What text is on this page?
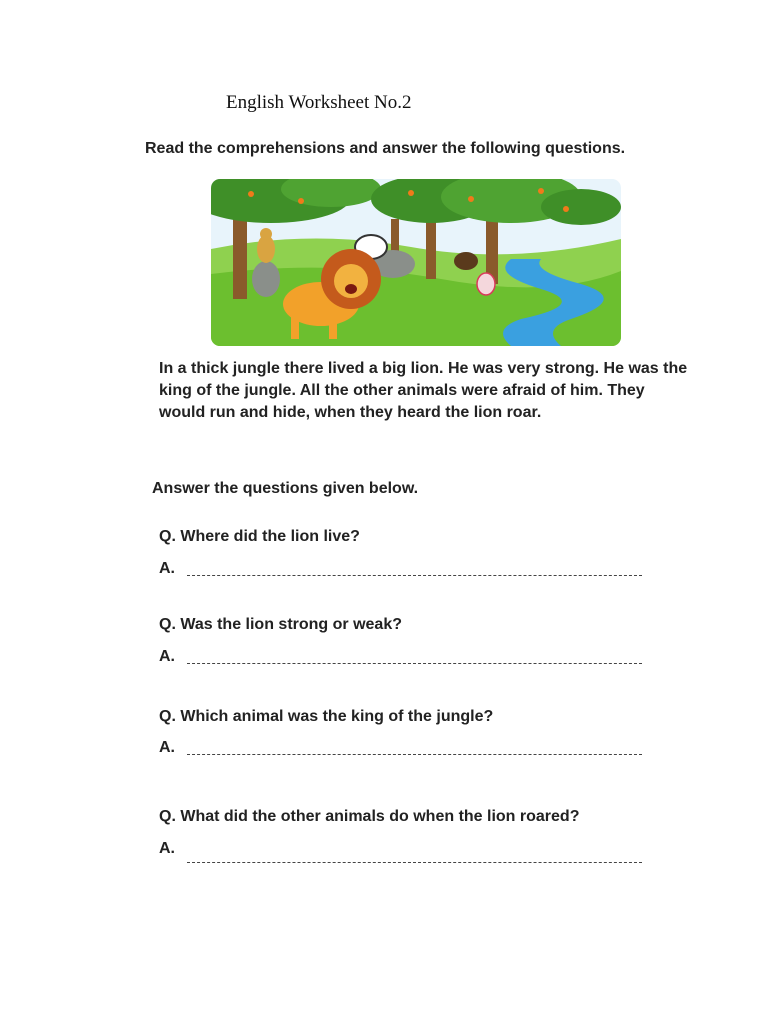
English Worksheet No.2
Read the comprehensions and answer the following questions.
In a thick jungle there lived a big lion. He was very strong. He was the king of the jungle. All the other animals were afraid of him. They would run and hide, when they heard the lion roar.
Answer the questions given below.
Q. Where did the lion live?
A.
Q. Was the lion strong or weak?
A.
Q. Which animal was the king of the jungle?
A.
Q. What did the other animals do when the lion roared?
A.
